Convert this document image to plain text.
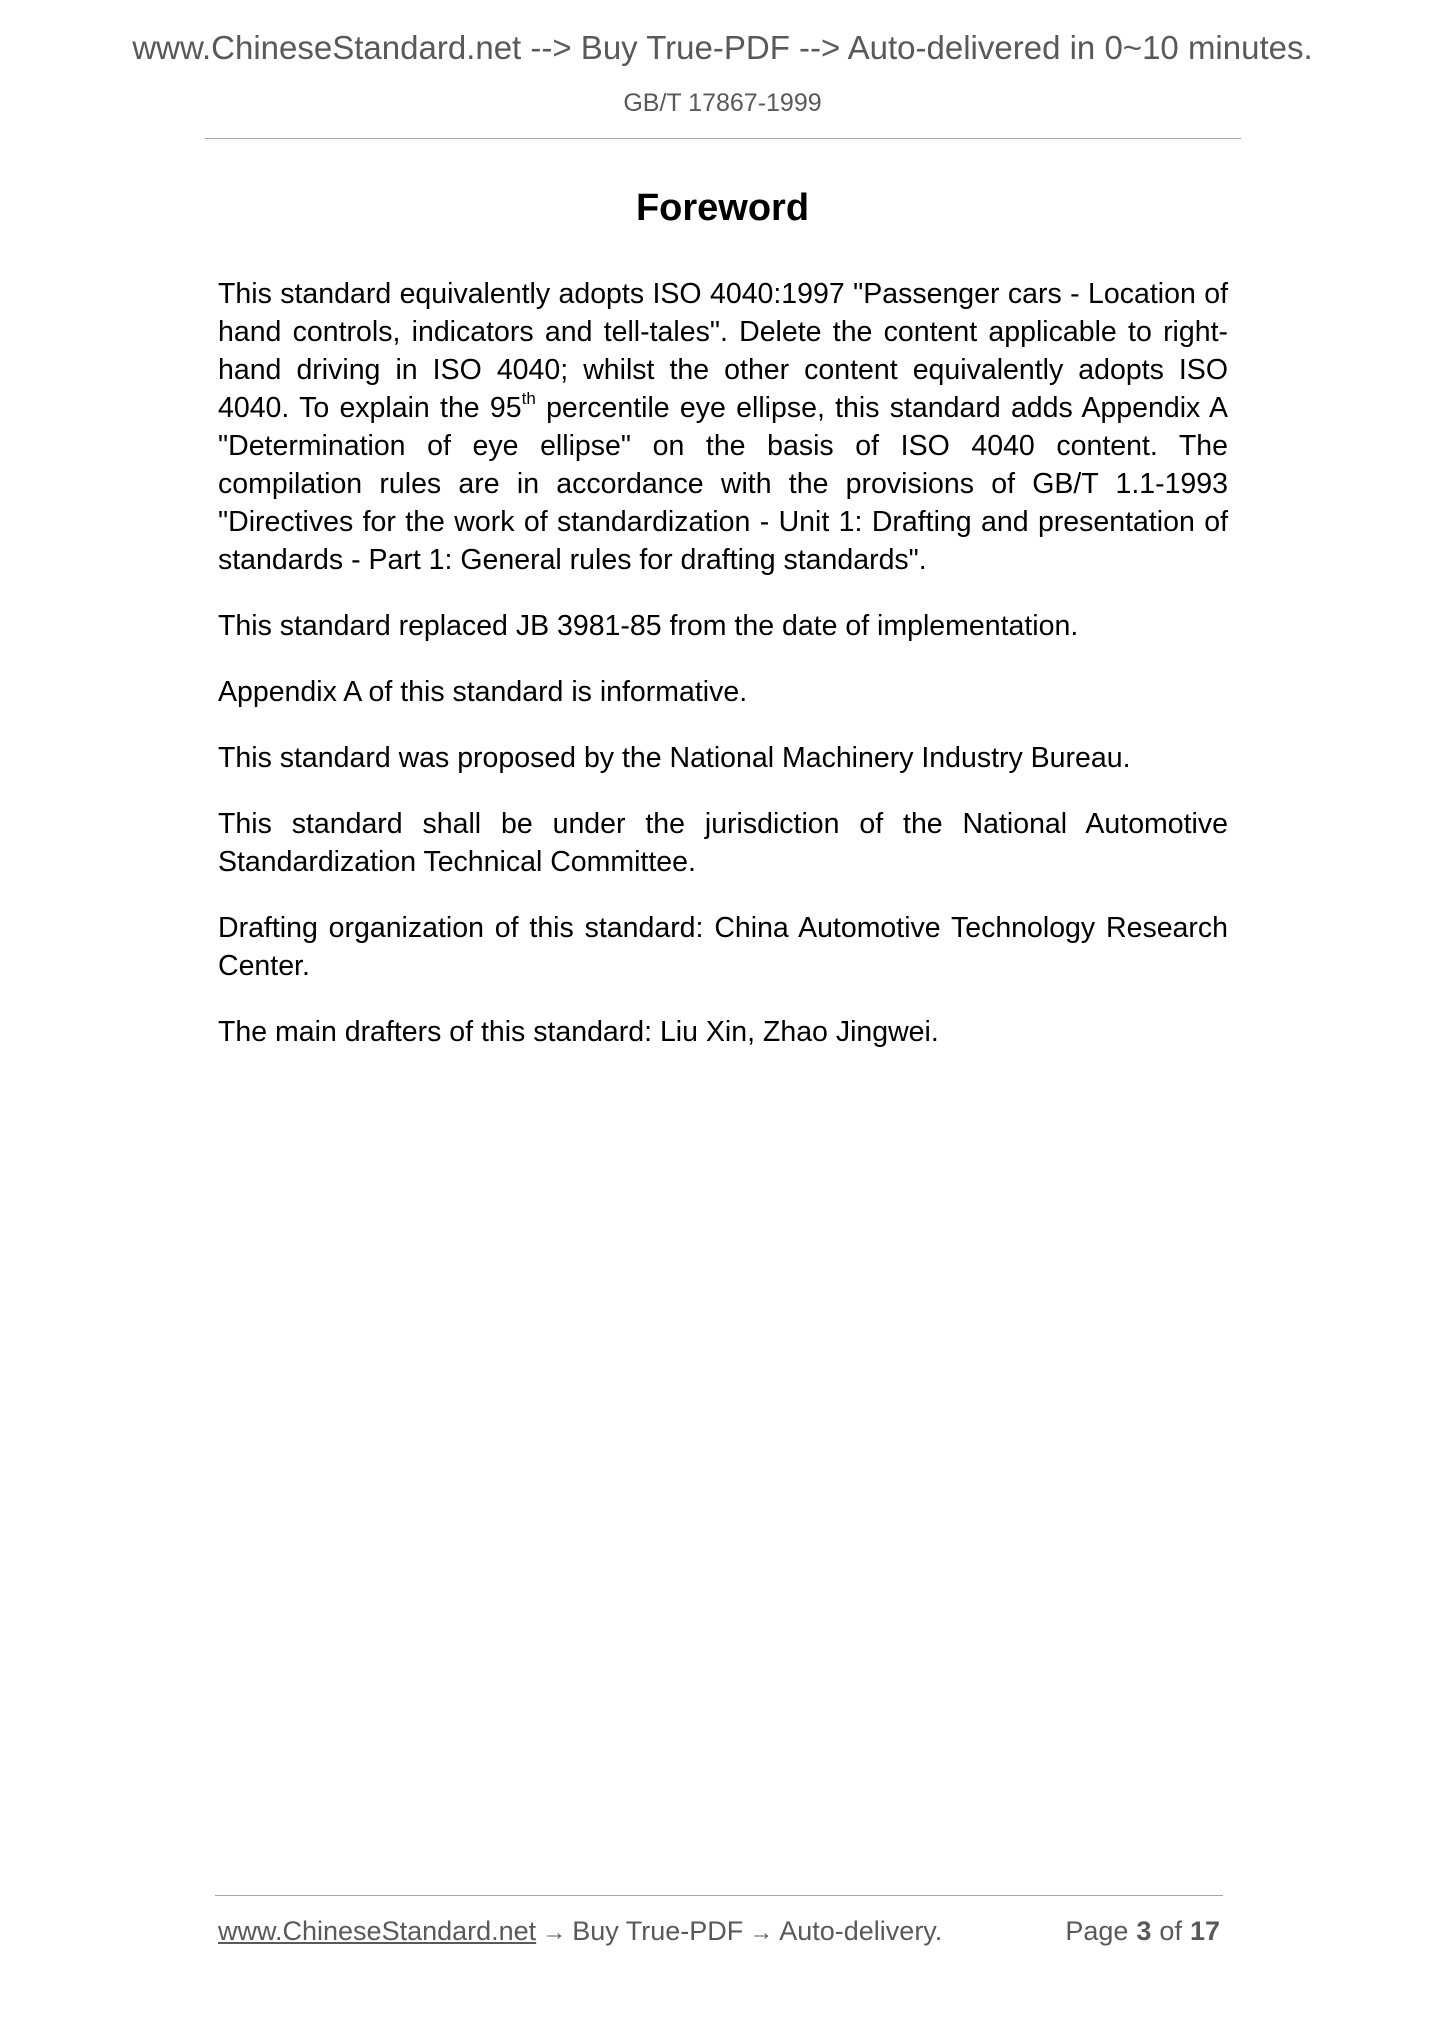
www.ChineseStandard.net --> Buy True-PDF --> Auto-delivered in 0~10 minutes.
GB/T 17867-1999
Foreword

This standard equivalently adopts ISO 4040:1997 "Passenger cars - Location of hand controls, indicators and tell-tales". Delete the content applicable to right-hand driving in ISO 4040; whilst the other content equivalently adopts ISO 4040. To explain the 95th percentile eye ellipse, this standard adds Appendix A "Determination of eye ellipse" on the basis of ISO 4040 content. The compilation rules are in accordance with the provisions of GB/T 1.1-1993 "Directives for the work of standardization - Unit 1: Drafting and presentation of standards - Part 1: General rules for drafting standards".

This standard replaced JB 3981-85 from the date of implementation.

Appendix A of this standard is informative.

This standard was proposed by the National Machinery Industry Bureau.

This standard shall be under the jurisdiction of the National Automotive Standardization Technical Committee.

Drafting organization of this standard: China Automotive Technology Research Center.

The main drafters of this standard: Liu Xin, Zhao Jingwei.

www.ChineseStandard.net → Buy True-PDF → Auto-delivery.	Page 3 of 17
